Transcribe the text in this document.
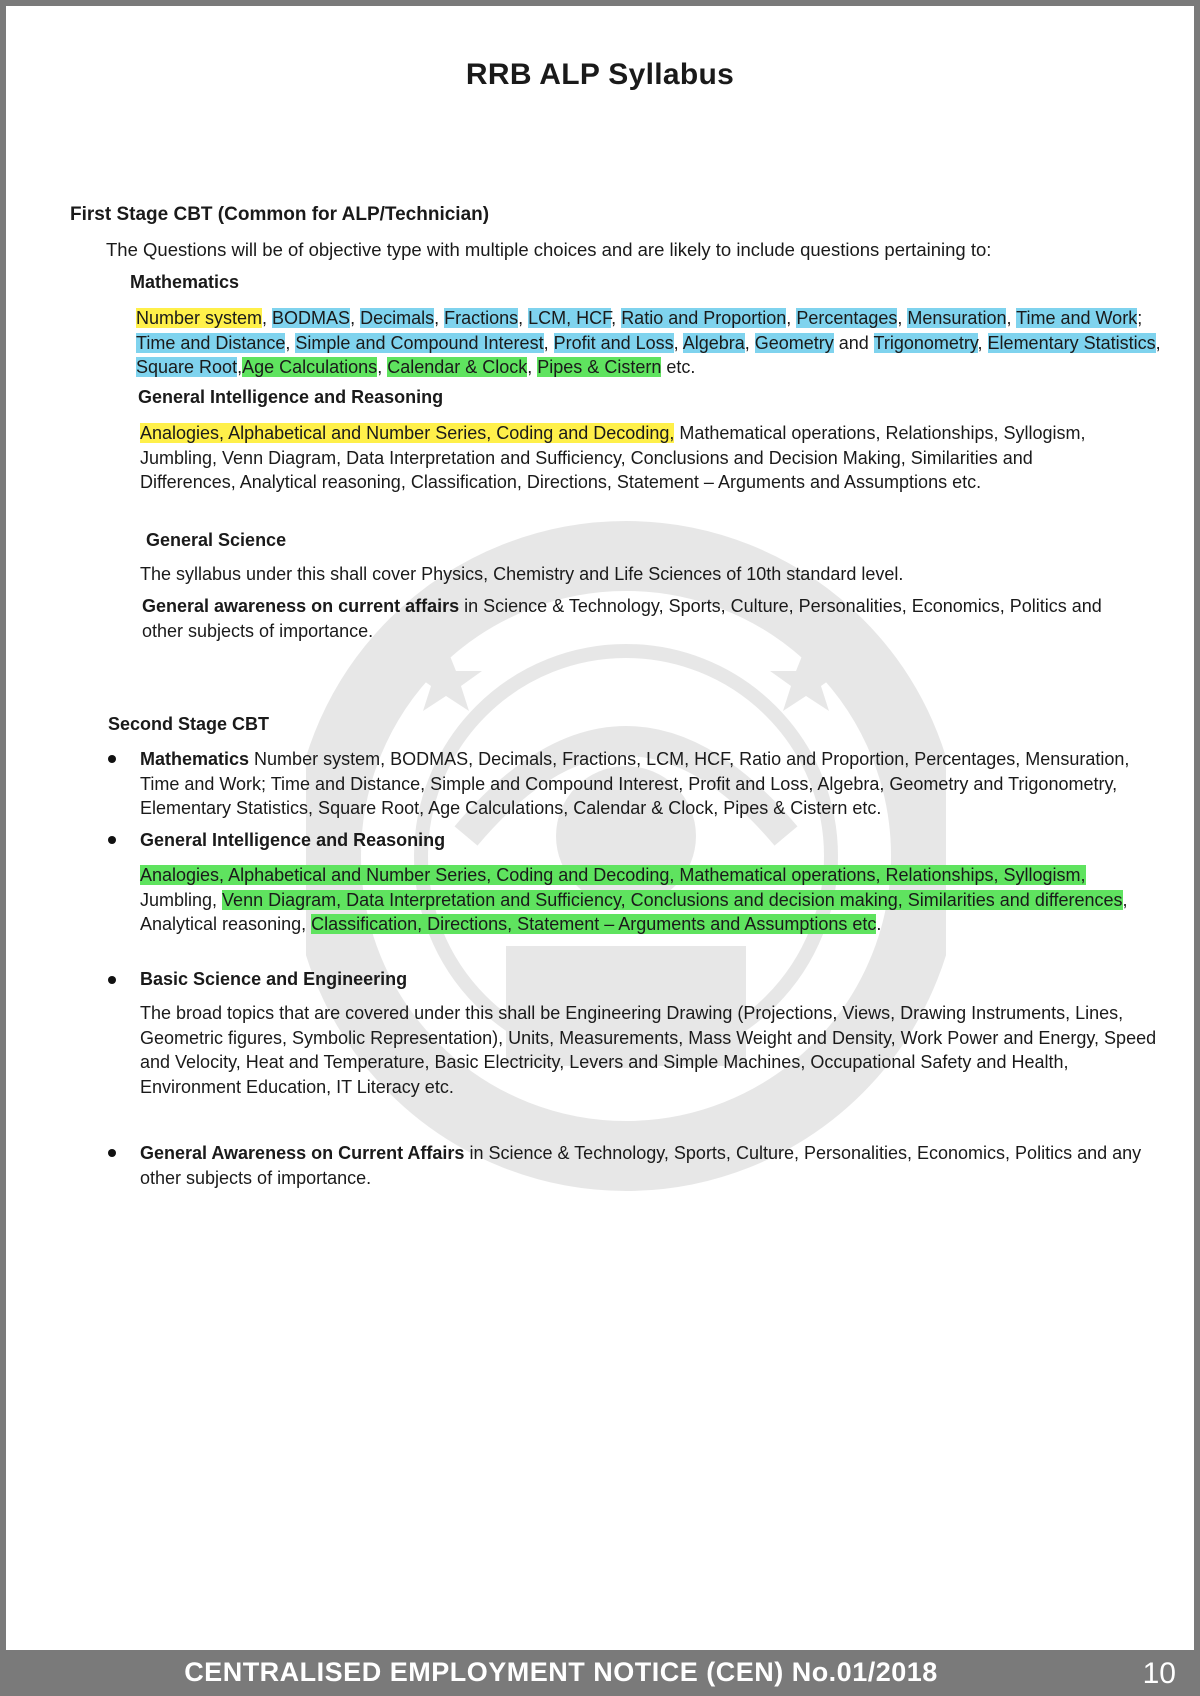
RRB ALP Syllabus
First Stage CBT (Common for ALP/Technician)
The Questions will be of objective type with multiple choices and are likely to include questions pertaining to:
Mathematics
Number system, BODMAS, Decimals, Fractions, LCM, HCF, Ratio and Proportion, Percentages, Mensuration, Time and Work; Time and Distance, Simple and Compound Interest, Profit and Loss, Algebra, Geometry and Trigonometry, Elementary Statistics, Square Root,Age Calculations, Calendar & Clock, Pipes & Cistern etc.
General Intelligence and Reasoning
Analogies, Alphabetical and Number Series, Coding and Decoding, Mathematical operations, Relationships, Syllogism, Jumbling, Venn Diagram, Data Interpretation and Sufficiency, Conclusions and Decision Making, Similarities and Differences, Analytical reasoning, Classification, Directions, Statement – Arguments and Assumptions etc.
General Science
The syllabus under this shall cover Physics, Chemistry and Life Sciences of 10th standard level.
General awareness on current affairs in Science & Technology, Sports, Culture, Personalities, Economics, Politics and other subjects of importance.
Second Stage CBT
Mathematics Number system, BODMAS, Decimals, Fractions, LCM, HCF, Ratio and Proportion, Percentages, Mensuration, Time and Work; Time and Distance, Simple and Compound Interest, Profit and Loss, Algebra, Geometry and Trigonometry, Elementary Statistics, Square Root, Age Calculations, Calendar & Clock, Pipes & Cistern etc.
General Intelligence and Reasoning
Analogies, Alphabetical and Number Series, Coding and Decoding, Mathematical operations, Relationships, Syllogism, Jumbling, Venn Diagram, Data Interpretation and Sufficiency, Conclusions and decision making, Similarities and differences, Analytical reasoning, Classification, Directions, Statement – Arguments and Assumptions etc.
Basic Science and Engineering
The broad topics that are covered under this shall be Engineering Drawing (Projections, Views, Drawing Instruments, Lines, Geometric figures, Symbolic Representation), Units, Measurements, Mass Weight and Density, Work Power and Energy, Speed and Velocity, Heat and Temperature, Basic Electricity, Levers and Simple Machines, Occupational Safety and Health, Environment Education, IT Literacy etc.
General Awareness on Current Affairs in Science & Technology, Sports, Culture, Personalities, Economics, Politics and any other subjects of importance.
CENTRALISED EMPLOYMENT NOTICE (CEN) No.01/2018	10
